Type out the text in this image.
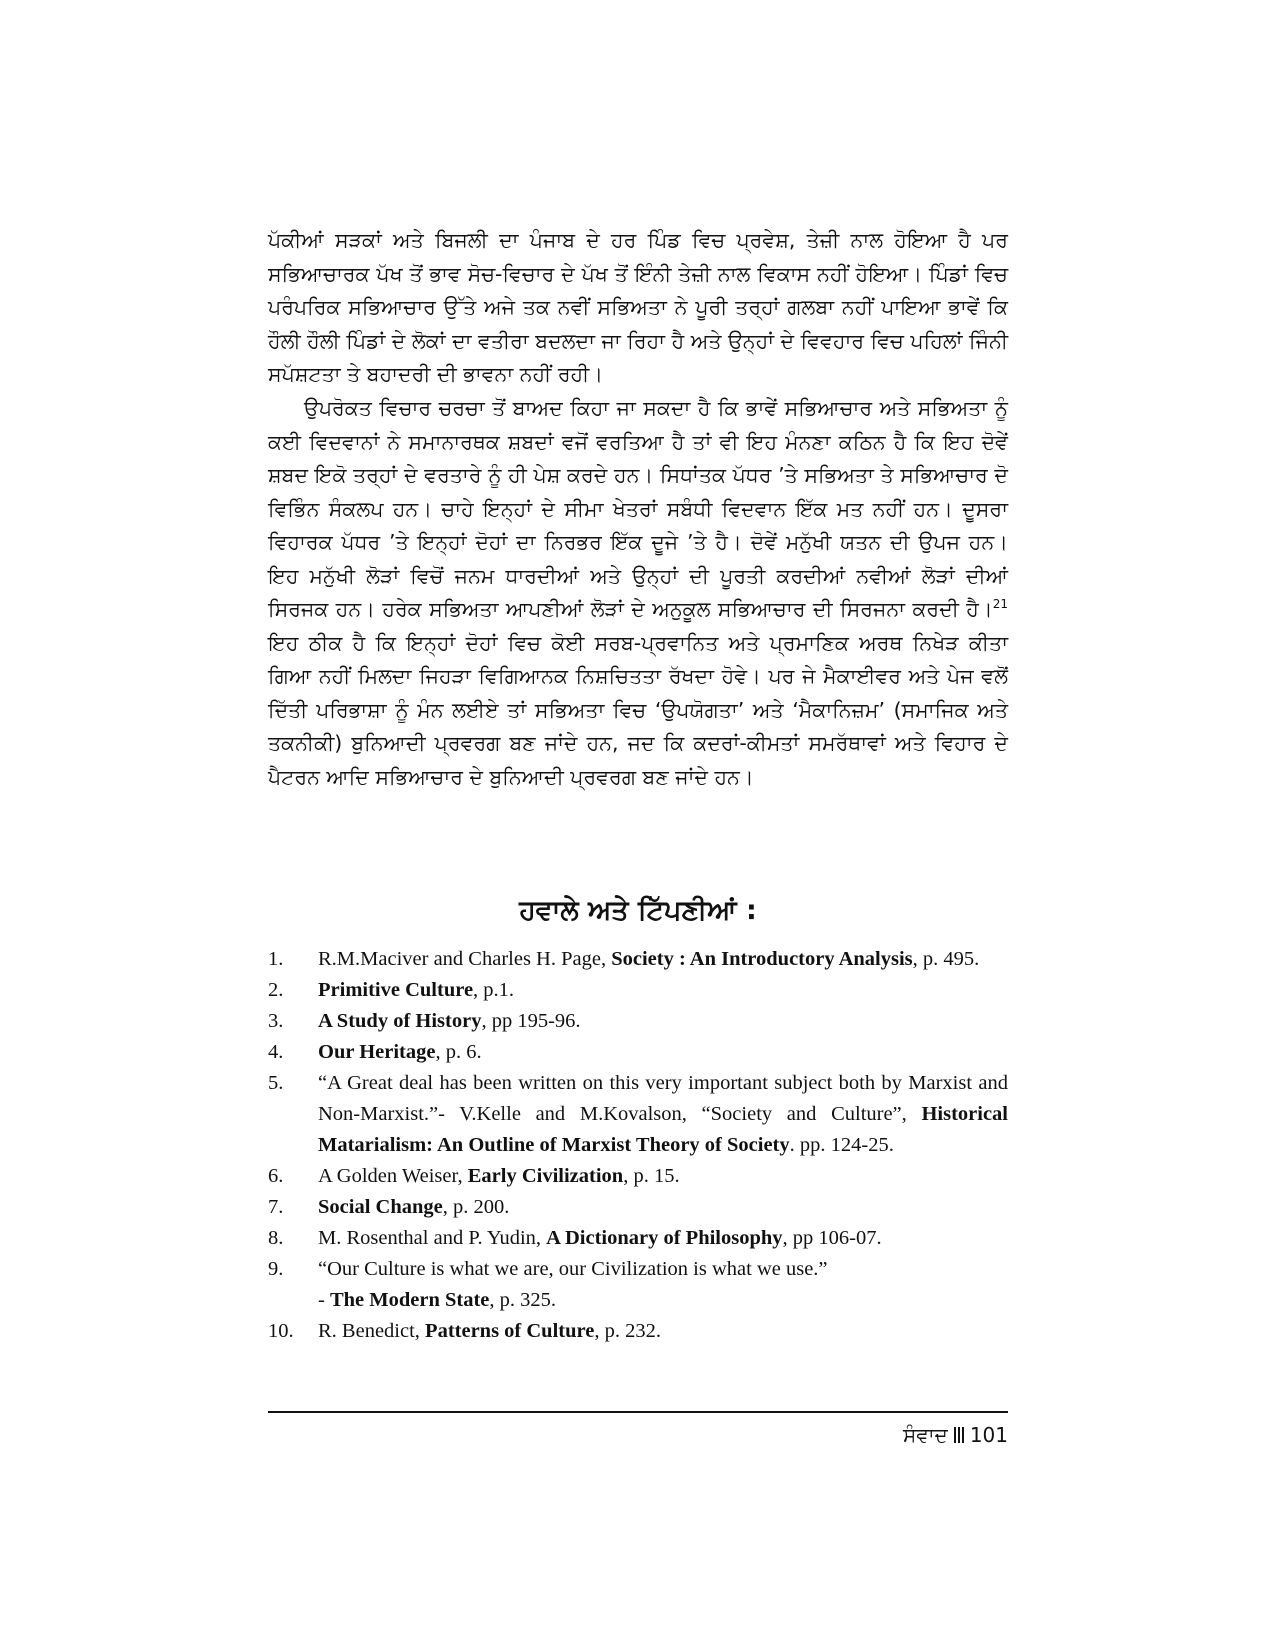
ਪੱਕੀਆਂ ਸੜਕਾਂ ਅਤੇ ਬਿਜਲੀ ਦਾ ਪੰਜਾਬ ਦੇ ਹਰ ਪਿੰਡ ਵਿਚ ਪ੍ਰਵੇਸ਼, ਤੇਜ਼ੀ ਨਾਲ ਹੋਇਆ ਹੈ ਪਰ ਸਭਿਆਚਾਰਕ ਪੱਖ ਤੋਂ ਭਾਵ ਸੋਚ-ਵਿਚਾਰ ਦੇ ਪੱਖ ਤੋਂ ਇੰਨੀ ਤੇਜ਼ੀ ਨਾਲ ਵਿਕਾਸ ਨਹੀਂ ਹੋਇਆ। ਪਿੰਡਾਂ ਵਿਚ ਪਰੰਪਰਿਕ ਸਭਿਆਚਾਰ ਉੱਤੇ ਅਜੇ ਤਕ ਨਵੀਂ ਸਭਿਅਤਾ ਨੇ ਪੂਰੀ ਤਰ੍ਹਾਂ ਗਲਬਾ ਨਹੀਂ ਪਾਇਆ ਭਾਵੇਂ ਕਿ ਹੌਲੀ ਹੌਲੀ ਪਿੰਡਾਂ ਦੇ ਲੋਕਾਂ ਦਾ ਵਤੀਰਾ ਬਦਲਦਾ ਜਾ ਰਿਹਾ ਹੈ ਅਤੇ ਉਨ੍ਹਾਂ ਦੇ ਵਿਵਹਾਰ ਵਿਚ ਪਹਿਲਾਂ ਜਿੰਨੀ ਸਪੱਸ਼ਟਤਾ ਤੇ ਬਹਾਦਰੀ ਦੀ ਭਾਵਨਾ ਨਹੀਂ ਰਹੀ।

ਉਪਰੋਕਤ ਵਿਚਾਰ ਚਰਚਾ ਤੋਂ ਬਾਅਦ ਕਿਹਾ ਜਾ ਸਕਦਾ ਹੈ ਕਿ ਭਾਵੇਂ ਸਭਿਆਚਾਰ ਅਤੇ ਸਭਿਅਤਾ ਨੂੰ ਕਈ ਵਿਦਵਾਨਾਂ ਨੇ ਸਮਾਨਾਰਥਕ ਸ਼ਬਦਾਂ ਵਜੋਂ ਵਰਤਿਆ ਹੈ ਤਾਂ ਵੀ ਇਹ ਮੰਨਣਾ ਕਠਿਨ ਹੈ ਕਿ ਇਹ ਦੋਵੇਂ ਸ਼ਬਦ ਇਕੋ ਤਰ੍ਹਾਂ ਦੇ ਵਰਤਾਰੇ ਨੂੰ ਹੀ ਪੇਸ਼ ਕਰਦੇ ਹਨ। ਸਿਧਾਂਤਕ ਪੱਧਰ ’ਤੇ ਸਭਿਅਤਾ ਤੇ ਸਭਿਆਚਾਰ ਦੋ ਵਿਭਿੰਨ ਸੰਕਲਪ ਹਨ। ਚਾਹੇ ਇਨ੍ਹਾਂ ਦੇ ਸੀਮਾ ਖੇਤਰਾਂ ਸਬੰਧੀ ਵਿਦਵਾਨ ਇੱਕ ਮਤ ਨਹੀਂ ਹਨ। ਦੂਸਰਾ ਵਿਹਾਰਕ ਪੱਧਰ ’ਤੇ ਇਨ੍ਹਾਂ ਦੋਹਾਂ ਦਾ ਨਿਰਭਰ ਇੱਕ ਦੂਜੇ ’ਤੇ ਹੈ। ਦੋਵੇਂ ਮਨੁੱਖੀ ਯਤਨ ਦੀ ਉਪਜ ਹਨ। ਇਹ ਮਨੁੱਖੀ ਲੋੜਾਂ ਵਿਚੋਂ ਜਨਮ ਧਾਰਦੀਆਂ ਅਤੇ ਉਨ੍ਹਾਂ ਦੀ ਪੂਰਤੀ ਕਰਦੀਆਂ ਨਵੀਆਂ ਲੋੜਾਂ ਦੀਆਂ ਸਿਰਜਕ ਹਨ। ਹਰੇਕ ਸਭਿਅਤਾ ਆਪਣੀਆਂ ਲੋੜਾਂ ਦੇ ਅਨੁਕੂਲ ਸਭਿਆਚਾਰ ਦੀ ਸਿਰਜਨਾ ਕਰਦੀ ਹੈ।$^{21}$ ਇਹ ਠੀਕ ਹੈ ਕਿ ਇਨ੍ਹਾਂ ਦੋਹਾਂ ਵਿਚ ਕੋਈ ਸਰਬ-ਪ੍ਰਵਾਨਿਤ ਅਤੇ ਪ੍ਰਮਾਣਿਕ ਅਰਥ ਨਿਖੇੜ ਕੀਤਾ ਗਿਆ ਨਹੀਂ ਮਿਲਦਾ ਜਿਹੜਾ ਵਿਗਿਆਨਕ ਨਿਸ਼ਚਿਤਤਾ ਰੱਖਦਾ ਹੋਵੇ। ਪਰ ਜੇ ਮੈਕਾਈਵਰ ਅਤੇ ਪੇਜ ਵਲੋਂ ਦਿੱਤੀ ਪਰਿਭਾਸ਼ਾ ਨੂੰ ਮੰਨ ਲਈਏ ਤਾਂ ਸਭਿਅਤਾ ਵਿਚ ‘ਉਪਯੋਗਤਾ’ ਅਤੇ ‘ਮੈਕਾਨਿਜ਼ਮ’ (ਸਮਾਜਿਕ ਅਤੇ ਤਕਨੀਕੀ) ਬੁਨਿਆਦੀ ਪ੍ਰਵਰਗ ਬਣ ਜਾਂਦੇ ਹਨ, ਜਦ ਕਿ ਕਦਰਾਂ-ਕੀਮਤਾਂ ਸਮਰੱਥਾਵਾਂ ਅਤੇ ਵਿਹਾਰ ਦੇ ਪੈਟਰਨ ਆਦਿ ਸਭਿਆਚਾਰ ਦੇ ਬੁਨਿਆਦੀ ਪ੍ਰਵਰਗ ਬਣ ਜਾਂਦੇ ਹਨ।

ਹਵਾਲੇ ਅਤੇ ਟਿੱਪਣੀਆਂ :
1.	R.M.Maciver and Charles H. Page, Society : An Introductory Analysis, p. 495.
2.	Primitive Culture, p.1.
3.	A Study of History, pp 195-96.
4.	Our Heritage, p. 6.
5.	“A Great deal has been written on this very important subject both by Marxist and Non-Marxist.”- V.Kelle and M.Kovalson, “Society and Culture”, Historical Matarialism: An Outline of Marxist Theory of Society. pp. 124-25.
6.	A Golden Weiser, Early Civilization, p. 15.
7.	Social Change, p. 200.
8.	M. Rosenthal and P. Yudin, A Dictionary of Philosophy, pp 106-07.
9.	“Our Culture is what we are, our Civilization is what we use.”
- The Modern State, p. 325.
10.	R. Benedict, Patterns of Culture, p. 232.
ਸੰਵਾਦ 101
